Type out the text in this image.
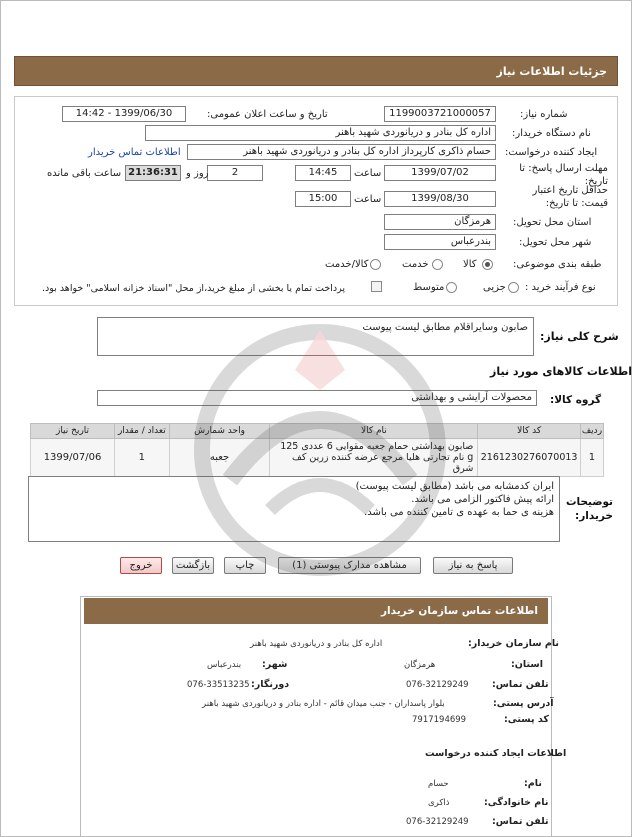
جزئیات اطلاعات نیاز
شماره نیاز:
1199003721000057
تاریخ و ساعت اعلان عمومی:
1399/06/30 - 14:42
نام دستگاه خریدار:
اداره کل بنادر و دریانوردی شهید باهنر
ایجاد کننده درخواست:
حسام ذاکری کارپرداز اداره کل بنادر و دریانوردی شهید باهنر
اطلاعات تماس خریدار
مهلت ارسال پاسخ: تا تاریخ:
1399/07/02
ساعت
14:45
2
روز و
21:36:31
ساعت باقی مانده
حداقل تاریخ اعتبار قیمت: تا تاریخ:
1399/08/30
ساعت
15:00
استان محل تحویل:
هرمزگان
شهر محل تحویل:
بندرعباس
طبقه بندی موضوعی:
کالا
خدمت
کالا/خدمت
نوع فرآیند خرید :
جزیی
متوسط
پرداخت تمام یا بخشی از مبلغ خرید،از محل "اسناد خزانه اسلامی" خواهد بود.
شرح کلی نیاز:
صابون وسایراقلام مطابق لیست پیوست
اطلاعات کالاهای مورد نیاز
گروه کالا:
محصولات آرایشی و بهداشتی
ردیف	کد کالا	نام کالا	واحد شمارش	تعداد / مقدار	تاریخ نیاز
1	2161230276070013	صابون بهداشتی حمام جعبه مقوایی 6 عددی 125 g نام تجارتی هلیا مرجع عرضه کننده زرین کف شرق	جعبه	1	1399/07/06
توضیحات خریدار:
ایران کدمشابه می باشد (مطابق لیست پیوست)
ارائه پیش فاکتور الزامی می باشد.
هزینه ی حما به عهده ی تامین کننده می باشد.
پاسخ به نیاز
مشاهده مدارک پیوستی (1)
چاپ
بازگشت
خروج
اطلاعات تماس سازمان خریدار
نام سازمان خریدار:
اداره کل بنادر و دریانوردی شهید باهنر
استان:
هرمزگان
شهر:
بندرعباس
تلفن تماس:
076-32129249
دورنگار:
076-33513235
آدرس پستی:
بلوار پاسداران - جنب میدان قائم - اداره بنادر و دریانوردی شهید باهنر
کد پستی:
7917194699
اطلاعات ایجاد کننده درخواست
نام:
حسام
نام خانوادگی:
ذاکری
تلفن تماس:
076-32129249
